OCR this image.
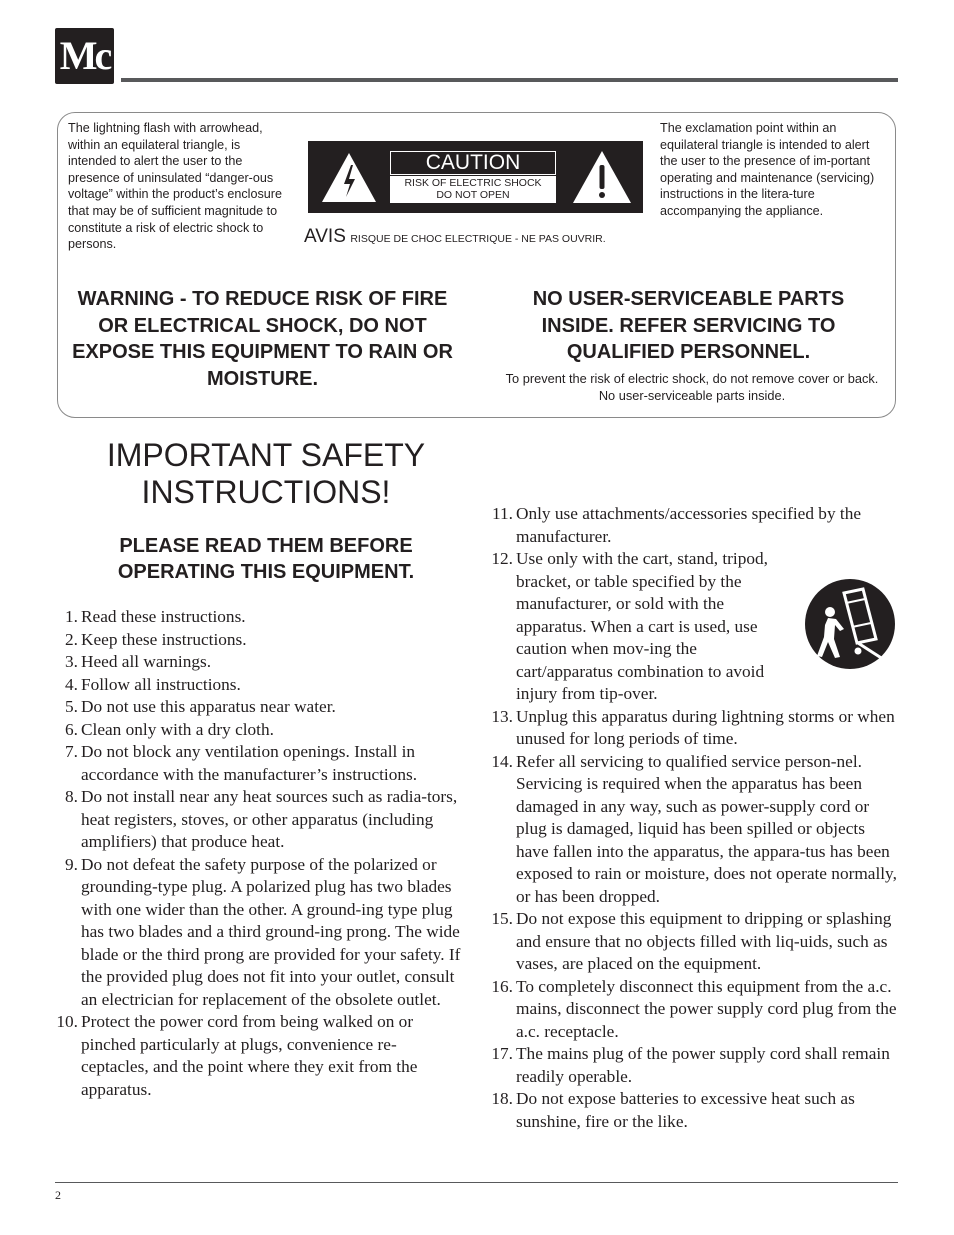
Mc
The lightning flash with arrowhead, within an equilateral triangle, is intended to alert the user to the presence of uninsulated “danger-ous voltage” within the product’s enclosure that may be of sufficient magnitude to constitute a risk of electric shock to persons.
The exclamation point within an equilateral triangle is intended to alert the user to the presence of im-portant operating and maintenance (servicing) instructions in the litera-ture accompanying the appliance.
CAUTION
RISK OF ELECTRIC SHOCK
DO NOT OPEN
AVIS RISQUE DE CHOC ELECTRIQUE - NE PAS OUVRIR.
WARNING - TO REDUCE RISK OF FIRE OR ELECTRICAL SHOCK, DO NOT EXPOSE THIS EQUIPMENT TO RAIN OR MOISTURE.
NO USER-SERVICEABLE PARTS INSIDE. REFER SERVICING TO QUALIFIED PERSONNEL.
To prevent the risk of electric shock, do not remove cover or back. No user-serviceable parts inside.
IMPORTANT SAFETY INSTRUCTIONS!
PLEASE READ THEM BEFORE OPERATING THIS EQUIPMENT.
1. Read these instructions.
2. Keep these instructions.
3. Heed all warnings.
4. Follow all instructions.
5. Do not use this apparatus near water.
6. Clean only with a dry cloth.
7. Do not block any ventilation openings. Install in accordance with the manufacturer’s instructions.
8. Do not install near any heat sources such as radia-tors, heat registers, stoves, or other apparatus (including amplifiers) that produce heat.
9. Do not defeat the safety purpose of the polarized or grounding-type plug. A polarized plug has two blades with one wider than the other. A ground-ing type plug has two blades and a third ground-ing prong. The wide blade or the third prong are provided for your safety. If the provided plug does not fit into your outlet, consult an electrician for replacement of the obsolete outlet.
10. Protect the power cord from being walked on or pinched particularly at plugs, convenience re-ceptacles, and the point where they exit from the apparatus.
11. Only use attachments/accessories specified by the manufacturer.
12. Use only with the cart, stand, tripod, bracket, or table specified by the manufacturer, or sold with the apparatus. When a cart is used, use caution when mov-ing the cart/apparatus combination to avoid injury from tip-over.
13. Unplug this apparatus during lightning storms or when unused for long periods of time.
14. Refer all servicing to qualified service person-nel. Servicing is required when the apparatus has been damaged in any way, such as power-supply cord or plug is damaged, liquid has been spilled or objects have fallen into the apparatus, the appara-tus has been exposed to rain or moisture, does not operate normally, or has been dropped.
15. Do not expose this equipment to dripping or splashing and ensure that no objects filled with liq-uids, such as vases, are placed on the equipment.
16. To completely disconnect this equipment from the a.c. mains, disconnect the power supply cord plug from the a.c. receptacle.
17. The mains plug of the power supply cord shall remain readily operable.
18. Do not expose batteries to excessive heat such as sunshine, fire or the like.
2
